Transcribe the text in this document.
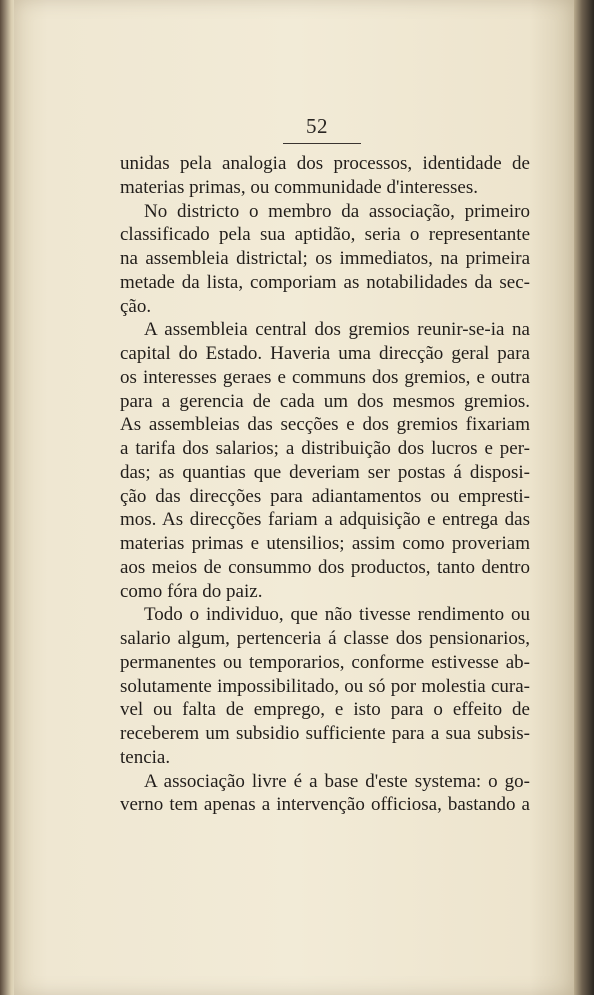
52
unidas pela analogia dos processos, identidade de
materias primas, ou communidade d'interesses.
No districto o membro da associação, primeiro
classificado pela sua aptidão, seria o representante
na assembleia districtal; os immediatos, na primeira
metade da lista, comporiam as notabilidades da sec-
ção.
A assembleia central dos gremios reunir-se-ia na
capital do Estado. Haveria uma direcção geral para
os interesses geraes e communs dos gremios, e outra
para a gerencia de cada um dos mesmos gremios.
As assembleias das secções e dos gremios fixariam
a tarifa dos salarios; a distribuição dos lucros e per-
das; as quantias que deveriam ser postas á disposi-
ção das direcções para adiantamentos ou empresti-
mos. As direcções fariam a adquisição e entrega das
materias primas e utensilios; assim como proveriam
aos meios de consummo dos productos, tanto dentro
como fóra do paiz.
Todo o individuo, que não tivesse rendimento ou
salario algum, pertenceria á classe dos pensionarios,
permanentes ou temporarios, conforme estivesse ab-
solutamente impossibilitado, ou só por molestia cura-
vel ou falta de emprego, e isto para o effeito de
receberem um subsidio sufficiente para a sua subsis-
tencia.
A associação livre é a base d'este systema: o go-
verno tem apenas a intervenção officiosa, bastando a
